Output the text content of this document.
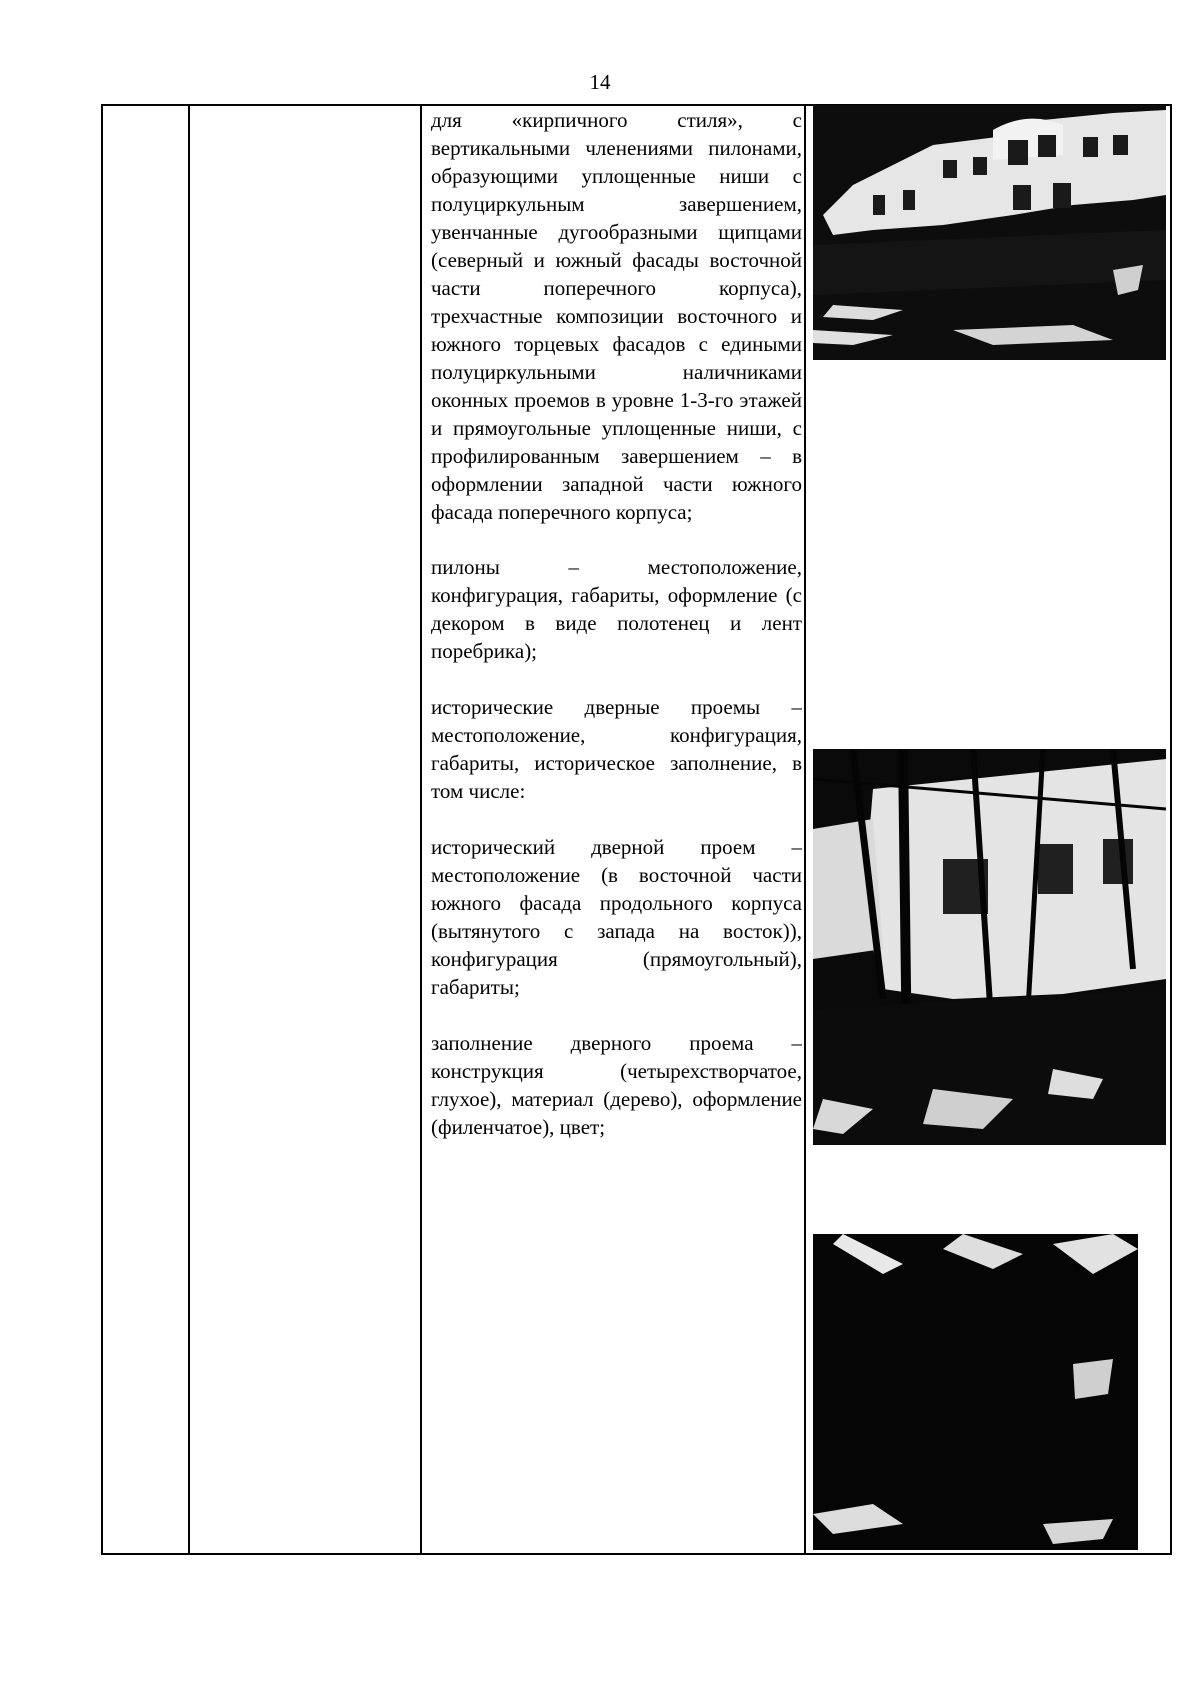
14

для «кирпичного стиля», с вертикальными членениями пилонами, образующими уплощенные ниши с полуциркульным завершением, увенчанные дугообразными щипцами (северный и южный фасады восточной части поперечного корпуса), трехчастные композиции восточного и южного торцевых фасадов с едиными полуциркульными наличниками оконных проемов в уровне 1-3-го этажей и прямоугольные уплощенные ниши, с профилированным завершением – в оформлении западной части южного фасада поперечного корпуса;

пилоны – местоположение, конфигурация, габариты, оформление (с декором в виде полотенец и лент поребрика);

исторические дверные проемы – местоположение, конфигурация, габариты, историческое заполнение, в том числе:

исторический дверной проем – местоположение (в восточной части южного фасада продольного корпуса (вытянутого с запада на восток)), конфигурация (прямоугольный), габариты;

заполнение дверного проема – конструкция (четырехстворчатое, глухое), материал (дерево), оформление (филенчатое), цвет;
